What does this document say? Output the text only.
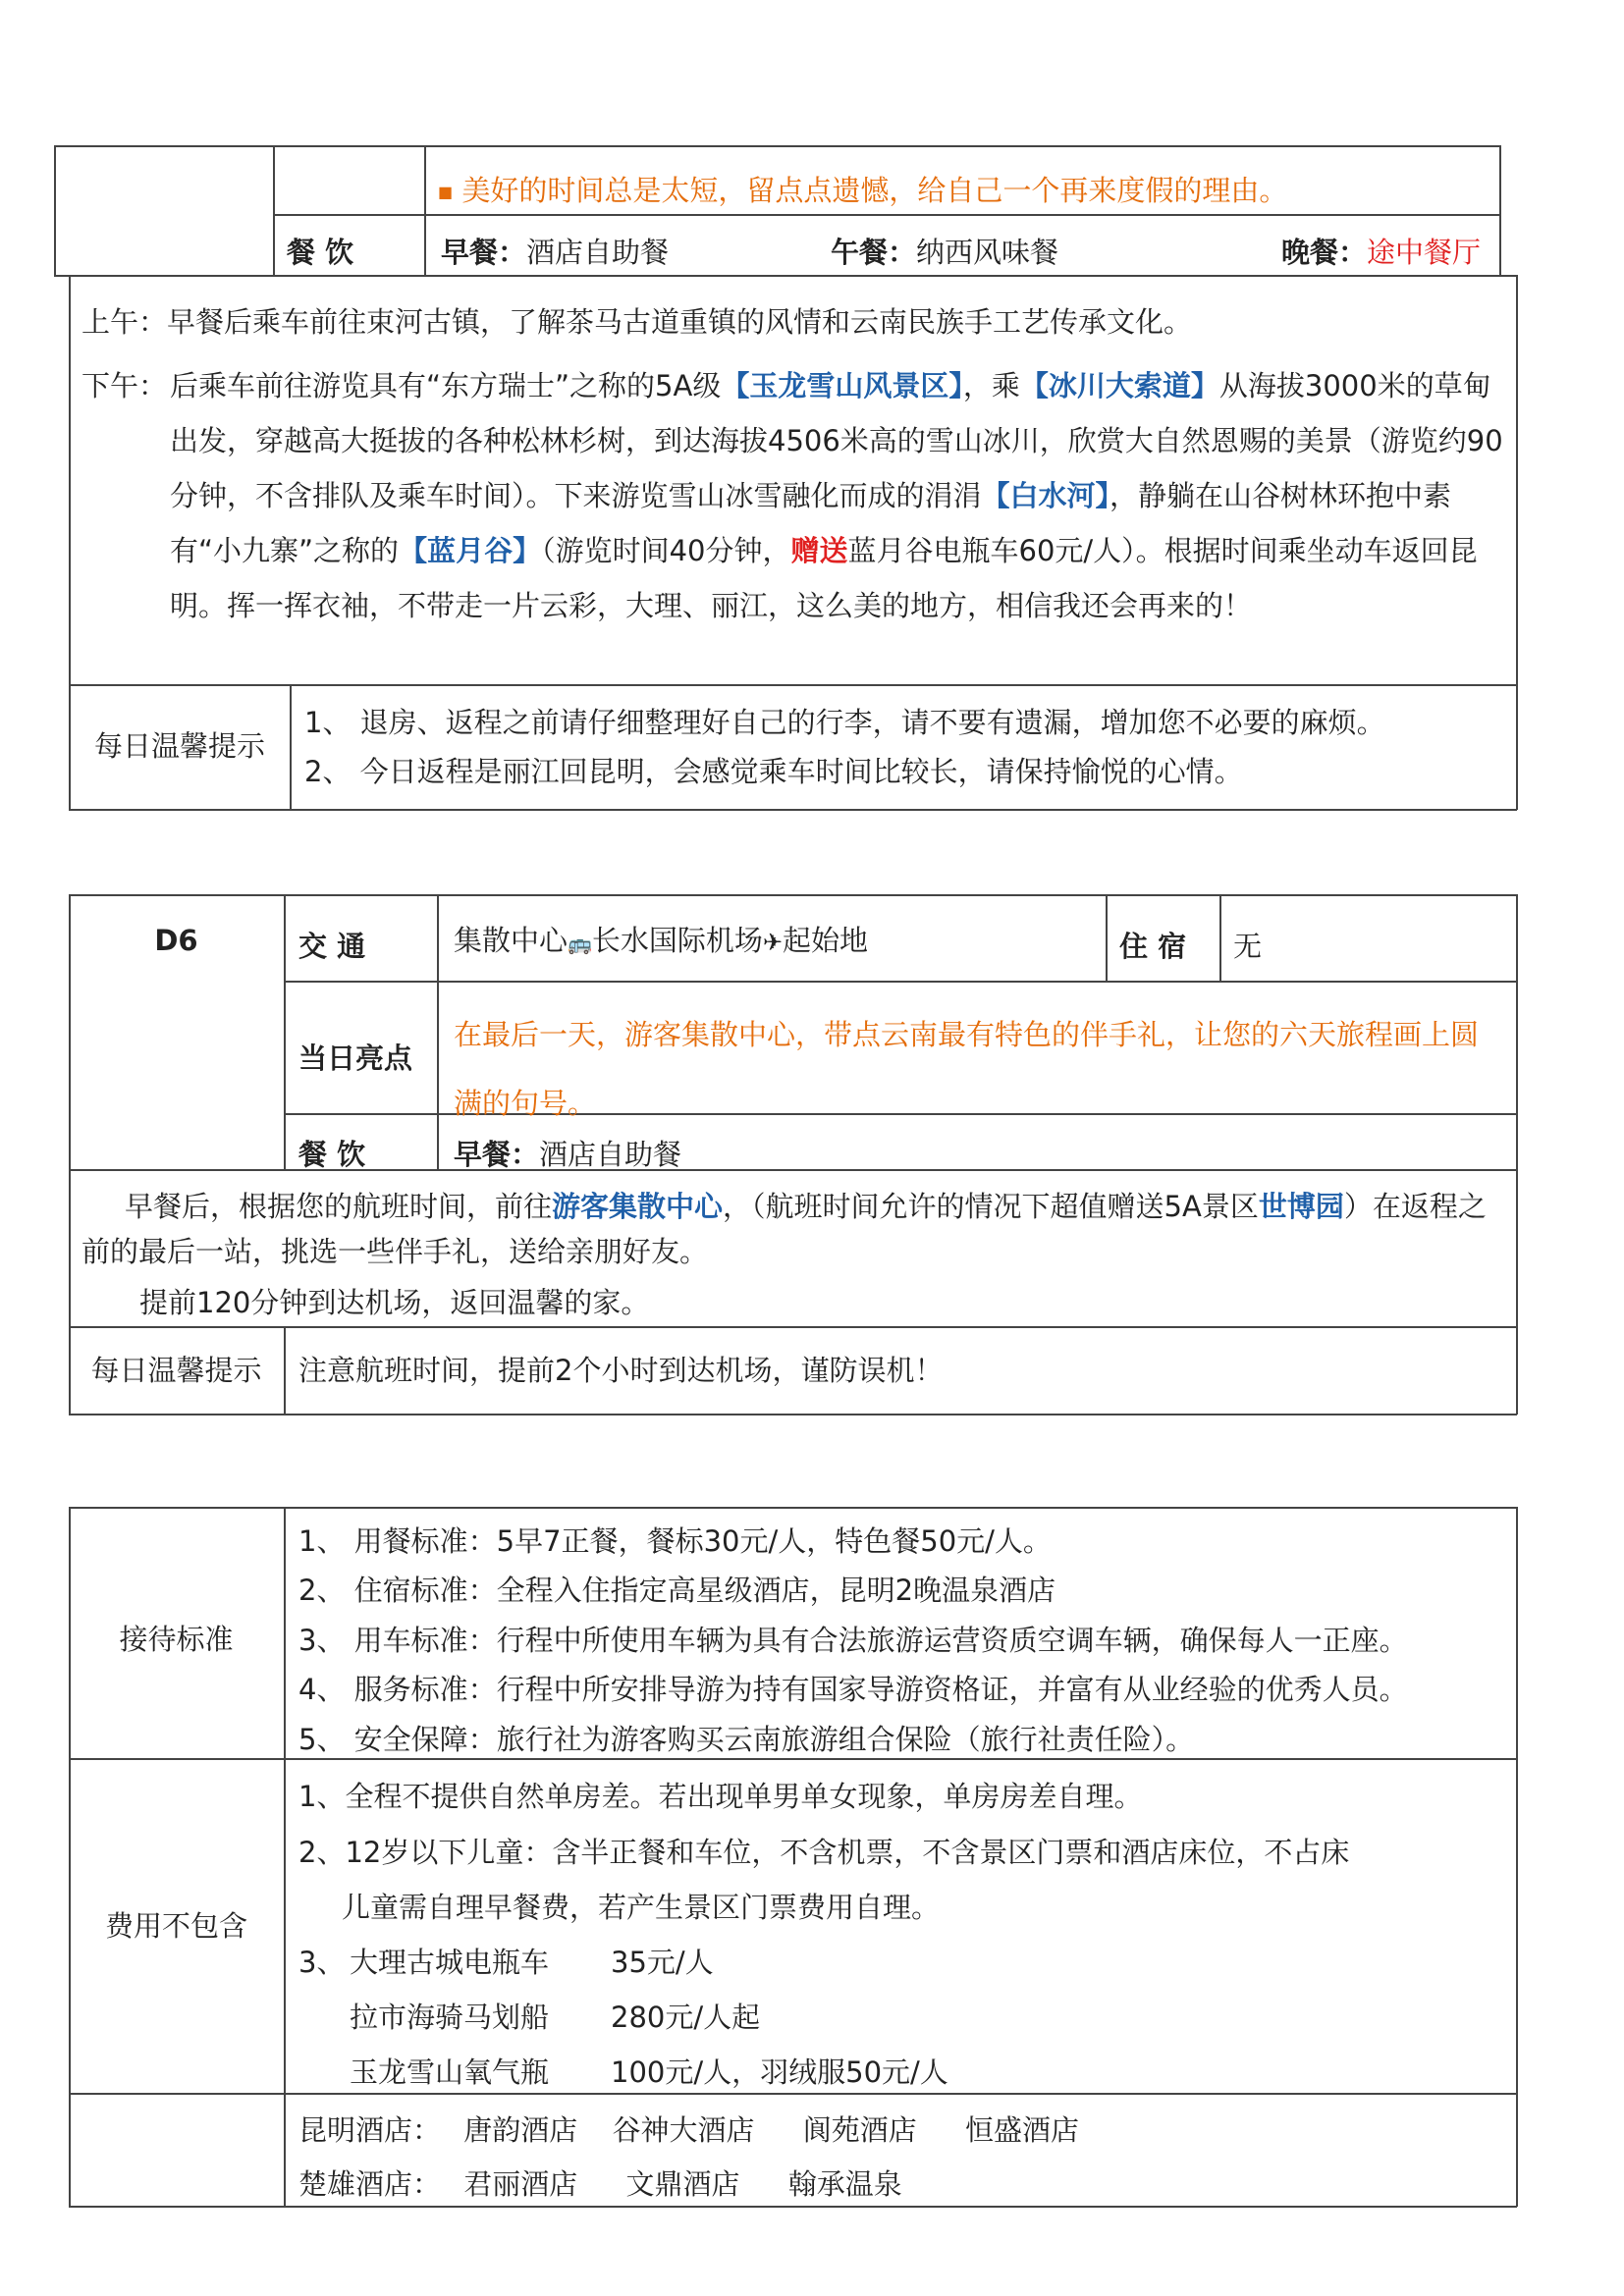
■ 美好的时间总是太短，留点点遗憾，给自己一个再来度假的理由。
餐 饮	早餐：酒店自助餐	午餐：纳西风味餐	晚餐：途中餐厅
上午：早餐后乘车前往束河古镇，了解茶马古道重镇的风情和云南民族手工艺传承文化。
下午： 后乘车前往游览具有“东方瑞士”之称的5A级【玉龙雪山风景区】，乘【冰川大索道】从海拔3000米的草甸出发，穿越高大挺拔的各种松林杉树，到达海拔4506米高的雪山冰川，欣赏大自然恩赐的美景（游览约90分钟，不含排队及乘车时间）。下来游览雪山冰雪融化而成的涓涓【白水河】，静躺在山谷树林环抱中素有“小九寨”之称的【蓝月谷】（游览时间40分钟，赠送蓝月谷电瓶车60元/人）。根据时间乘坐动车返回昆明。挥一挥衣袖，不带走一片云彩，大理、丽江，这么美的地方，相信我还会再来的！
每日温馨提示
1、 退房、返程之前请仔细整理好自己的行李，请不要有遗漏，增加您不必要的麻烦。
2、 今日返程是丽江回昆明，会感觉乘车时间比较长，请保持愉悦的心情。
D6	交 通	集散中心🚌长水国际机场✈起始地	住 宿 无
当日亮点
在最后一天，游客集散中心，带点云南最有特色的伴手礼，让您的六天旅程画上圆满的句号。
餐 饮	早餐：酒店自助餐
早餐后，根据您的航班时间，前往游客集散中心，（航班时间允许的情况下超值赠送5A景区世博园）在返程之前的最后一站，挑选一些伴手礼，送给亲朋好友。
提前120分钟到达机场，返回温馨的家。
每日温馨提示	注意航班时间，提前2个小时到达机场，谨防误机！
接待标准
1、 用餐标准：5早7正餐，餐标30元/人，特色餐50元/人。
2、 住宿标准：全程入住指定高星级酒店，昆明2晚温泉酒店
3、 用车标准：行程中所使用车辆为具有合法旅游运营资质空调车辆，确保每人一正座。
4、 服务标准：行程中所安排导游为持有国家导游资格证，并富有从业经验的优秀人员。
5、 安全保障：旅行社为游客购买云南旅游组合保险（旅行社责任险）。
费用不包含
1、全程不提供自然单房差。若出现单男单女现象，单房房差自理。
2、12岁以下儿童：含半正餐和车位，不含机票，不含景区门票和酒店床位，不占床
儿童需自理早餐费，若产生景区门票费用自理。
3、 大理古城电瓶车 35元/人
拉市海骑马划船 280元/人起
玉龙雪山氧气瓶 100元/人，羽绒服50元/人
昆明酒店： 唐韵酒店 谷神大酒店 阆苑酒店 恒盛酒店
楚雄酒店： 君丽酒店 文鼎酒店 翰承温泉
